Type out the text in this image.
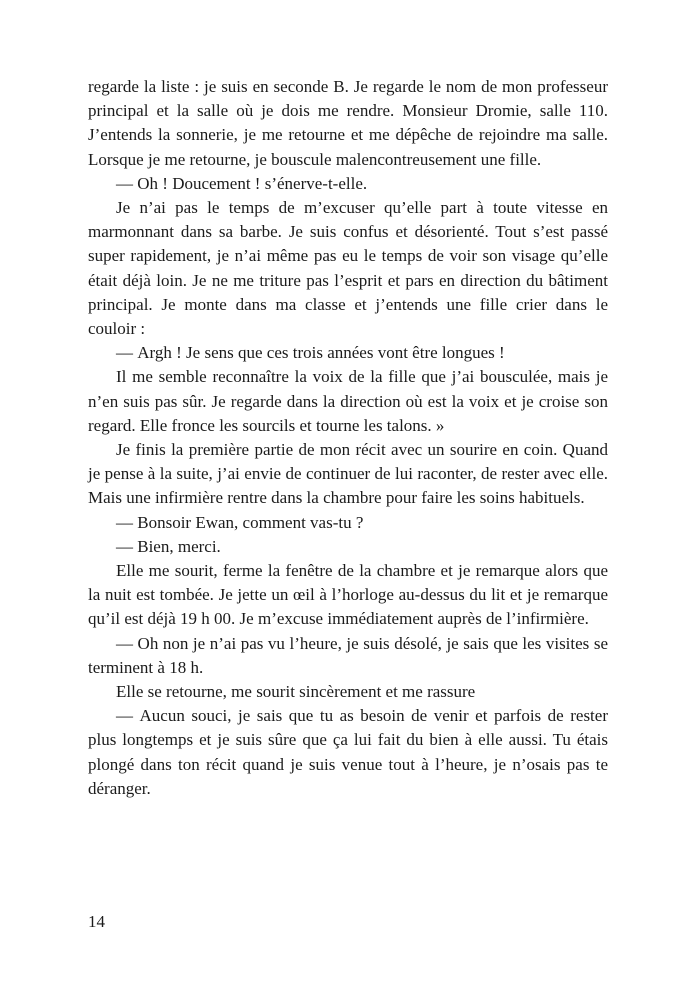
regarde la liste : je suis en seconde B. Je regarde le nom de mon professeur principal et la salle où je dois me rendre. Monsieur Dromie, salle 110. J’entends la sonnerie, je me retourne et me dépêche de rejoindre ma salle. Lorsque je me retourne, je bouscule malencontreusement une fille.

— Oh ! Doucement ! s’énerve-t-elle.

Je n’ai pas le temps de m’excuser qu’elle part à toute vitesse en marmonnant dans sa barbe. Je suis confus et désorienté. Tout s’est passé super rapidement, je n’ai même pas eu le temps de voir son visage qu’elle était déjà loin. Je ne me triture pas l’esprit et pars en direction du bâtiment principal. Je monte dans ma classe et j’entends une fille crier dans le couloir :

— Argh ! Je sens que ces trois années vont être longues !

Il me semble reconnaître la voix de la fille que j’ai bousculée, mais je n’en suis pas sûr. Je regarde dans la direction où est la voix et je croise son regard. Elle fronce les sourcils et tourne les talons. »

Je finis la première partie de mon récit avec un sourire en coin. Quand je pense à la suite, j’ai envie de continuer de lui raconter, de rester avec elle. Mais une infirmière rentre dans la chambre pour faire les soins habituels.

— Bonsoir Ewan, comment vas-tu ?

— Bien, merci.

Elle me sourit, ferme la fenêtre de la chambre et je remarque alors que la nuit est tombée. Je jette un œil à l’horloge au-dessus du lit et je remarque qu’il est déjà 19 h 00. Je m’excuse immédiatement auprès de l’infirmière.

— Oh non je n’ai pas vu l’heure, je suis désolé, je sais que les visites se terminent à 18 h.

Elle se retourne, me sourit sincèrement et me rassure

— Aucun souci, je sais que tu as besoin de venir et parfois de rester plus longtemps et je suis sûre que ça lui fait du bien à elle aussi. Tu étais plongé dans ton récit quand je suis venue tout à l’heure, je n’osais pas te déranger.

14
